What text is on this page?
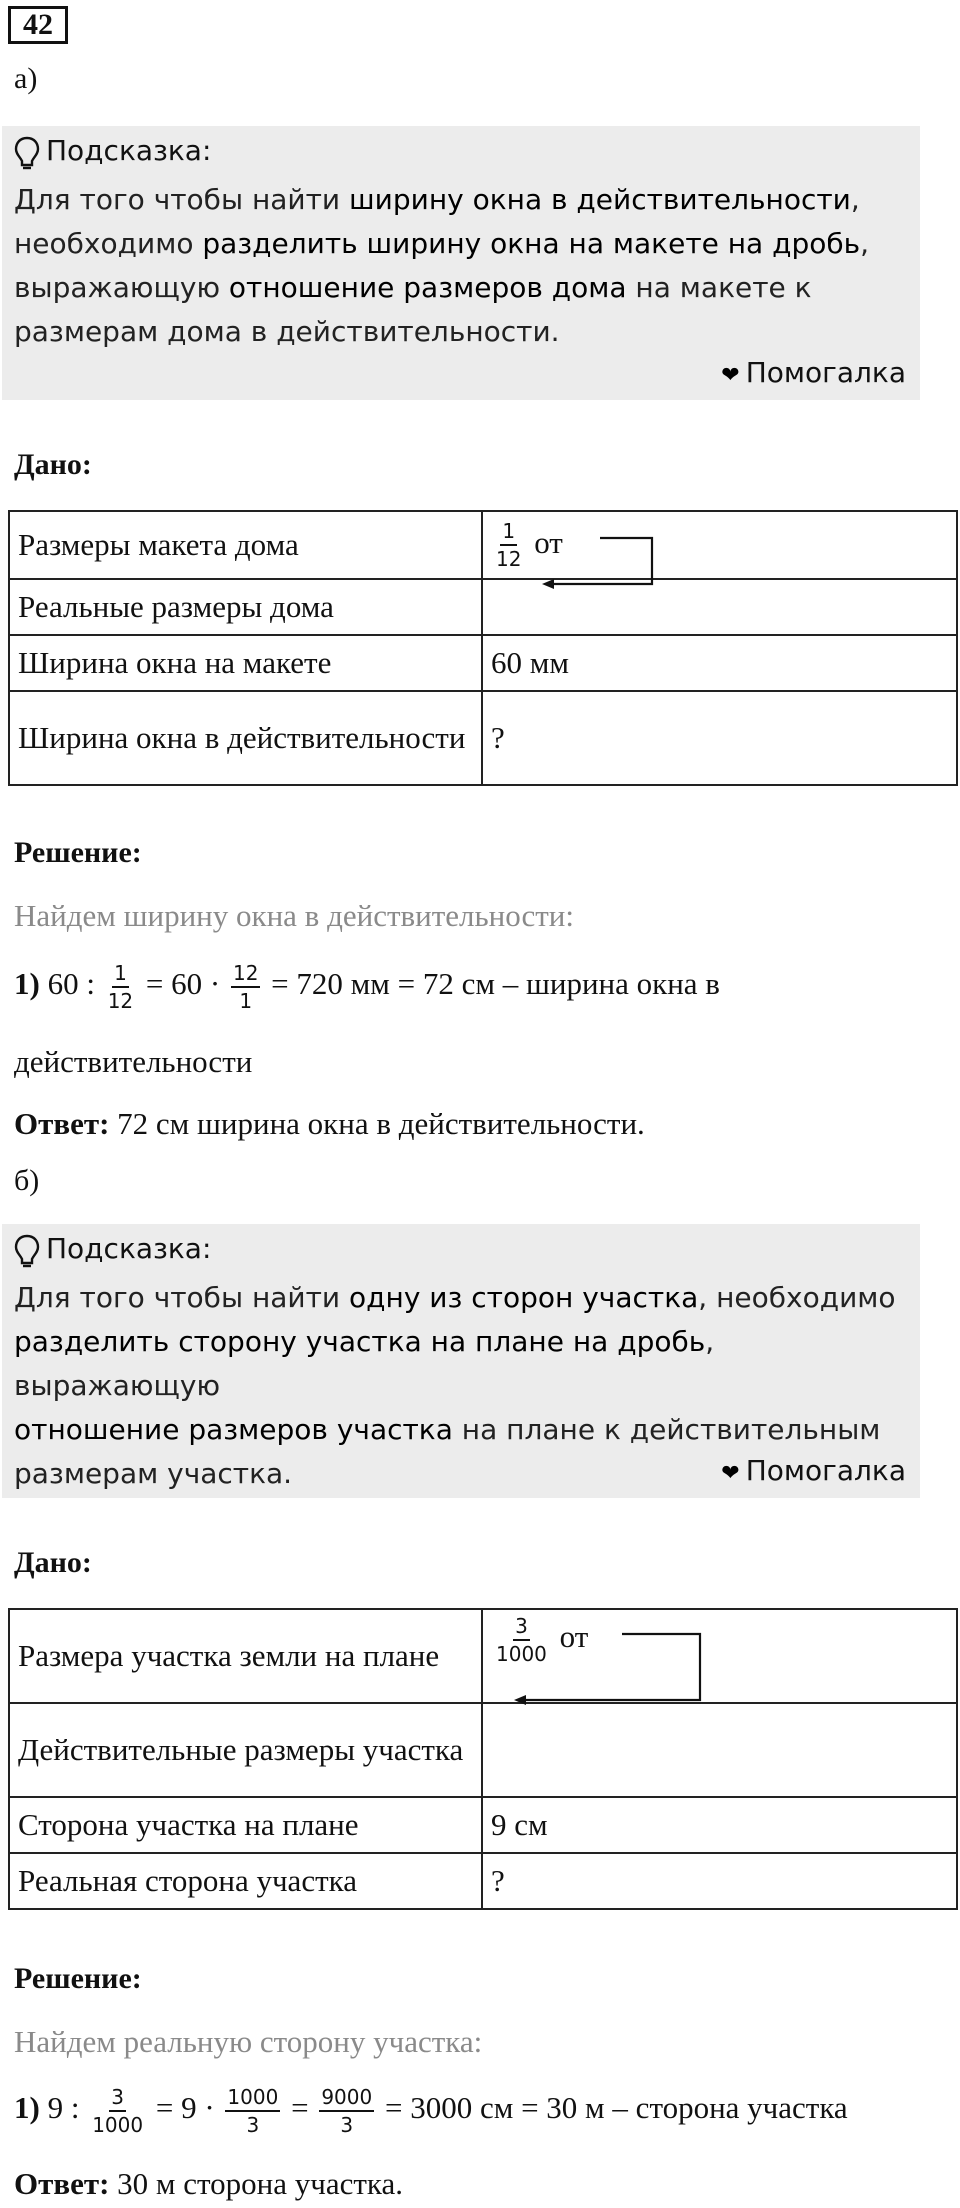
42
а)
Подсказка:
Для того чтобы найти ширину окна в действительности,
необходимо разделить ширину окна на макете на дробь,
выражающую отношение размеров дома на макете к
размерам дома в действительности.
❤ Помогалка
Дано:
Размеры макета дома	$\frac{1}{12}$ от
Реальные размеры дома	
Ширина окна на макете	60 мм
Ширина окна в действительности	?
Решение:
Найдем ширину окна в действительности:
1) 60 : $\frac{1}{12} = 60 \cdot \frac{12}{1} = 720$ мм = 72 см – ширина окна в
действительности
Ответ: 72 см ширина окна в действительности.
б)
Подсказка:
Для того чтобы найти одну из сторон участка, необходимо
разделить сторону участка на плане на дробь, выражающую
отношение размеров участка на плане к действительным
размерам участка.	❤ Помогалка
Дано:
Размера участка земли на плане	$\frac{3}{1000}$ от
Действительные размеры участка	
Сторона участка на плане	9 см
Реальная сторона участка	?
Решение:
Найдем реальную сторону участка:
1) 9 : $\frac{3}{1000} = 9 \cdot \frac{1000}{3} = \frac{9000}{3} = 3000$ см = 30 м – сторона участка
Ответ: 30 м сторона участка.
